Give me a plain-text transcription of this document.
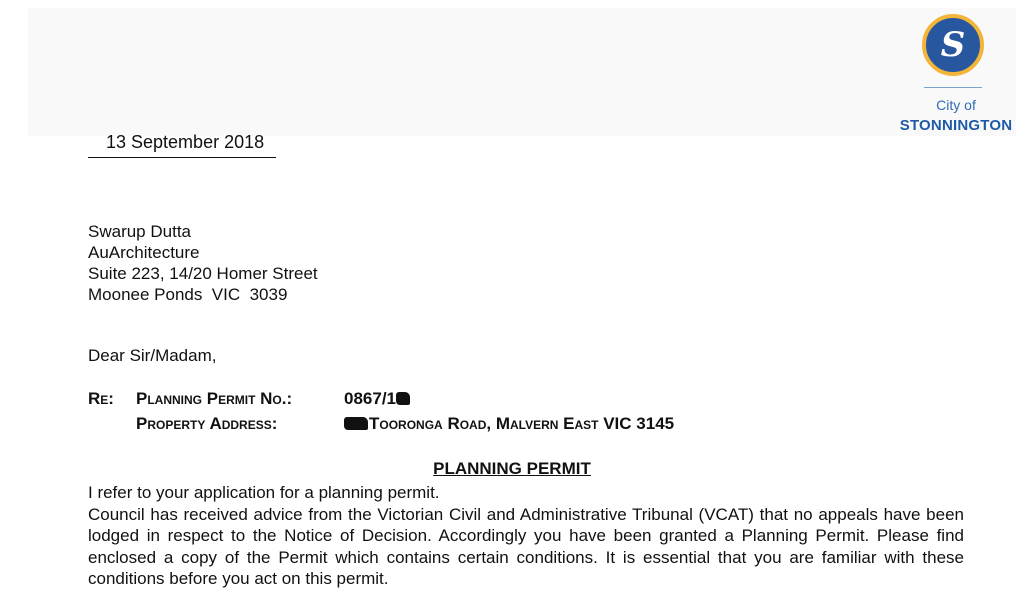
S
City of
STONNINGTON
13 September 2018
Swarup Dutta
AuArchitecture
Suite 223, 14/20 Homer Street
Moonee Ponds  VIC  3039
Dear Sir/Madam,
Re: Planning Permit No.:	0867/1
Property Address:	Tooronga Road, Malvern East VIC 3145
PLANNING PERMIT

I refer to your application for a planning permit.

Council has received advice from the Victorian Civil and Administrative Tribunal (VCAT) that no appeals have been lodged in respect to the Notice of Decision. Accordingly you have been granted a Planning Permit. Please find enclosed a copy of the Permit which contains certain conditions. It is essential that you are familiar with these conditions before you act on this permit.
